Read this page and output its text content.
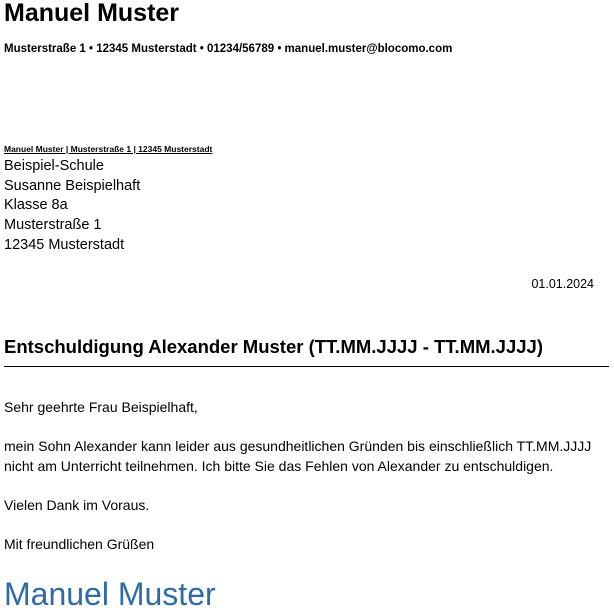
Manuel Muster
Musterstraße 1 • 12345 Musterstadt • 01234/56789 • manuel.muster@blocomo.com
Manuel Muster | Musterstraße 1 | 12345 Musterstadt
Beispiel-Schule
Susanne Beispielhaft
Klasse 8a
Musterstraße 1
12345 Musterstadt
01.01.2024
Entschuldigung Alexander Muster (TT.MM.JJJJ - TT.MM.JJJJ)
Sehr geehrte Frau Beispielhaft,
mein Sohn Alexander kann leider aus gesundheitlichen Gründen bis einschließlich TT.MM.JJJJ
nicht am Unterricht teilnehmen. Ich bitte Sie das Fehlen von Alexander zu entschuldigen.
Vielen Dank im Voraus.
Mit freundlichen Grüßen
Manuel Muster
